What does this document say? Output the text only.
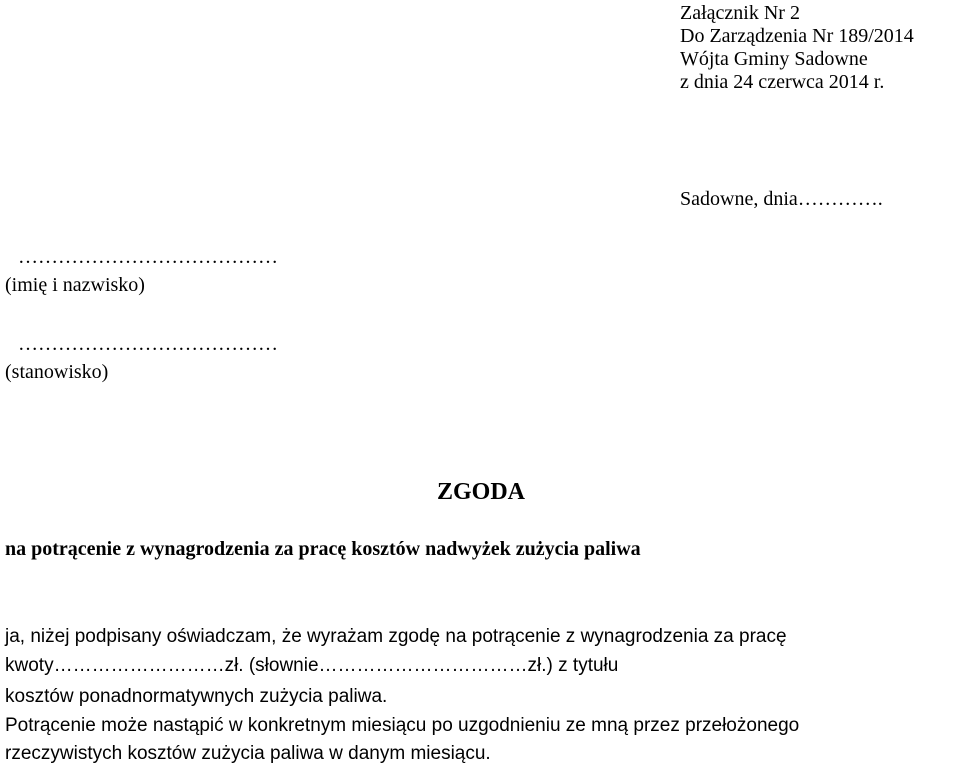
Załącznik Nr 2
Do Zarządzenia Nr 189/2014
Wójta Gminy Sadowne
z dnia 24 czerwca 2014 r.
Sadowne, dnia………….
…………………………………
(imię i nazwisko)
…………………………………
(stanowisko)
ZGODA
na potrącenie z wynagrodzenia za pracę kosztów nadwyżek zużycia paliwa
ja, niżej podpisany oświadczam, że wyrażam zgodę na potrącenie z wynagrodzenia za pracę
kwoty………………………zł. (słownie……………………………zł.) z tytułu
kosztów ponadnormatywnych zużycia paliwa.
Potrącenie może nastąpić w konkretnym miesiącu po uzgodnieniu ze mną przez przełożonego
rzeczywistych kosztów zużycia paliwa w danym miesiącu.
